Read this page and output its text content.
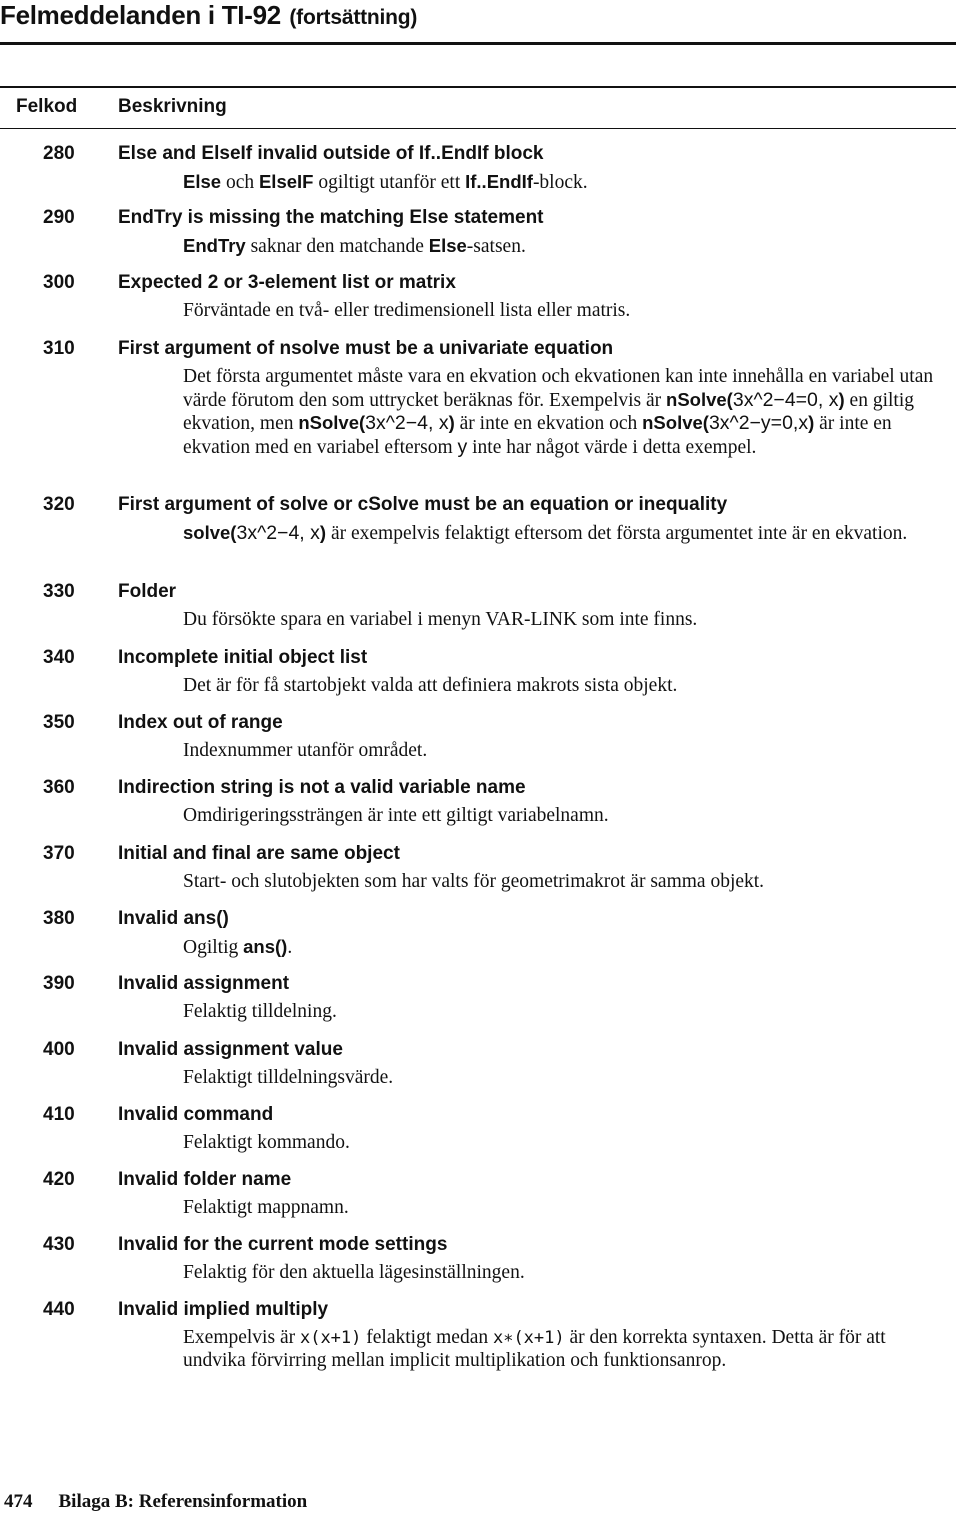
Felmeddelanden i TI-92 (fortsättning)
Felkod Beskrivning
280 Else and ElseIf invalid outside of If..EndIf block
Else och ElseIF ogiltigt utanför ett If..EndIf-block.
290 EndTry is missing the matching Else statement
EndTry saknar den matchande Else-satsen.
300 Expected 2 or 3-element list or matrix
Förväntade en två- eller tredimensionell lista eller matris.
310 First argument of nsolve must be a univariate equation
Det första argumentet måste vara en ekvation och ekvationen kan inte innehålla en variabel utan värde förutom den som uttrycket beräknas för. Exempelvis är nSolve(3x^2−4=0, x) en giltig ekvation, men nSolve(3x^2−4, x) är inte en ekvation och nSolve(3x^2−y=0,x) är inte en ekvation med en variabel eftersom y inte har något värde i detta exempel.
320 First argument of solve or cSolve must be an equation or inequality
solve(3x^2−4, x) är exempelvis felaktigt eftersom det första argumentet inte är en ekvation.
330 Folder
Du försökte spara en variabel i menyn VAR-LINK som inte finns.
340 Incomplete initial object list
Det är för få startobjekt valda att definiera makrots sista objekt.
350 Index out of range
Indexnummer utanför området.
360 Indirection string is not a valid variable name
Omdirigeringssträngen är inte ett giltigt variabelnamn.
370 Initial and final are same object
Start- och slutobjekten som har valts för geometrimakrot är samma objekt.
380 Invalid ans()
Ogiltig ans().
390 Invalid assignment
Felaktig tilldelning.
400 Invalid assignment value
Felaktigt tilldelningsvärde.
410 Invalid command
Felaktigt kommando.
420 Invalid folder name
Felaktigt mappnamn.
430 Invalid for the current mode settings
Felaktig för den aktuella lägesinställningen.
440 Invalid implied multiply
Exempelvis är x(x+1) felaktigt medan x∗(x+1) är den korrekta syntaxen. Detta är för att undvika förvirring mellan implicit multiplikation och funktionsanrop.
474 Bilaga B: Referensinformation
